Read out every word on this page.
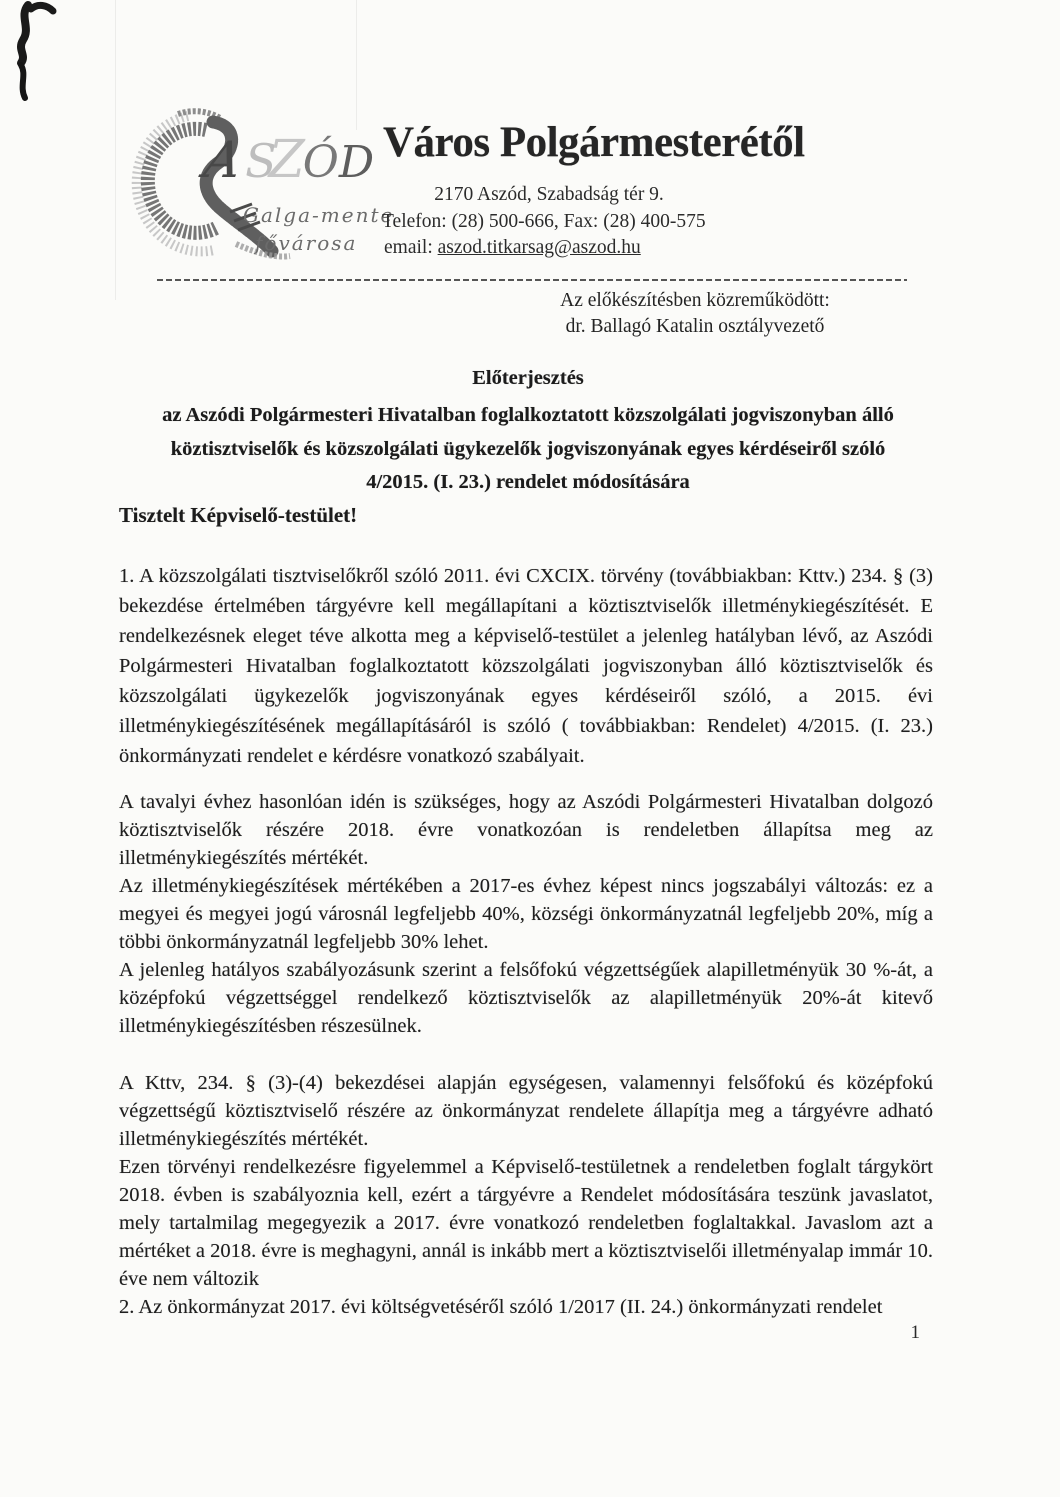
ASZÓD
Galga-mente
fővárosa
Város Polgármesterétől
2170 Aszód, Szabadság tér 9.
Telefon: (28) 500-666, Fax: (28) 400-575
email: aszod.titkarsag@aszod.hu
Az előkészítésben közreműködött:
dr. Ballagó Katalin osztályvezető
Előterjesztés
az Aszódi Polgármesteri Hivatalban foglalkoztatott közszolgálati jogviszonyban álló
köztisztviselők és közszolgálati ügykezelők jogviszonyának egyes kérdéseiről szóló
4/2015. (I. 23.) rendelet módosítására
Tisztelt Képviselő-testület!

1. A közszolgálati tisztviselőkről szóló 2011. évi CXCIX. törvény (továbbiakban: Kttv.) 234. § (3) bekezdése értelmében tárgyévre kell megállapítani a köztisztviselők illetménykiegészítését. E rendelkezésnek eleget téve alkotta meg a képviselő-testület a jelenleg hatályban lévő, az Aszódi Polgármesteri Hivatalban foglalkoztatott közszolgálati jogviszonyban álló köztisztviselők és közszolgálati ügykezelők jogviszonyának egyes kérdéseiről szóló, a 2015. évi illetménykiegészítésének megállapításáról is szóló ( továbbiakban: Rendelet) 4/2015. (I. 23.) önkormányzati rendelet e kérdésre vonatkozó szabályait.

A tavalyi évhez hasonlóan idén is szükséges, hogy az Aszódi Polgármesteri Hivatalban dolgozó köztisztviselők részére 2018. évre vonatkozóan is rendeletben állapítsa meg az illetménykiegészítés mértékét.

Az illetménykiegészítések mértékében a 2017-es évhez képest nincs jogszabályi változás: ez a megyei és megyei jogú városnál legfeljebb 40%, községi önkormányzatnál legfeljebb 20%, míg a többi önkormányzatnál legfeljebb 30% lehet.

A jelenleg hatályos szabályozásunk szerint a felsőfokú végzettségűek alapilletményük 30 %-át, a középfokú végzettséggel rendelkező köztisztviselők az alapilletményük 20%-át kitevő illetménykiegészítésben részesülnek.

A Kttv, 234. § (3)-(4) bekezdései alapján egységesen, valamennyi felsőfokú és középfokú végzettségű köztisztviselő részére az önkormányzat rendelete állapítja meg a tárgyévre adható illetménykiegészítés mértékét.

Ezen törvényi rendelkezésre figyelemmel a Képviselő-testületnek a rendeletben foglalt tárgykört 2018. évben is szabályoznia kell, ezért a tárgyévre a Rendelet módosítására teszünk javaslatot, mely tartalmilag megegyezik a 2017. évre vonatkozó rendeletben foglaltakkal. Javaslom azt a mértéket a 2018. évre is meghagyni, annál is inkább mert a köztisztviselői illetményalap immár 10. éve nem változik

2. Az önkormányzat 2017. évi költségvetéséről szóló 1/2017 (II. 24.) önkormányzati rendelet

1
